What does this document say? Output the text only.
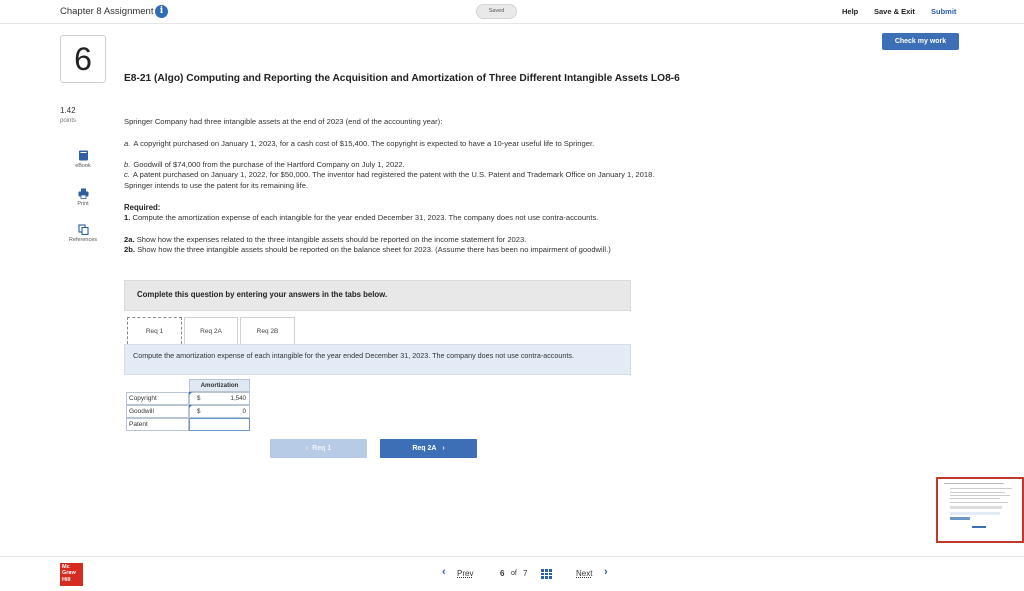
Chapter 8 Assignment i	Saved	Help Save & Exit Submit
Check my work
6
1.42
points
eBook
Print
References
E8-21 (Algo) Computing and Reporting the Acquisition and Amortization of Three Different Intangible Assets LO8-6
Springer Company had three intangible assets at the end of 2023 (end of the accounting year):
a. A copyright purchased on January 1, 2023, for a cash cost of $15,400. The copyright is expected to have a 10-year useful life to Springer.
b. Goodwill of $74,000 from the purchase of the Hartford Company on July 1, 2022.
c. A patent purchased on January 1, 2022, for $50,000. The inventor had registered the patent with the U.S. Patent and Trademark Office on January 1, 2018. Springer intends to use the patent for its remaining life.
Required:
1. Compute the amortization expense of each intangible for the year ended December 31, 2023. The company does not use contra-accounts.
2a. Show how the expenses related to the three intangible assets should be reported on the income statement for 2023.
2b. Show how the three intangible assets should be reported on the balance sheet for 2023. (Assume there has been no impairment of goodwill.)
Complete this question by entering your answers in the tabs below.
Req 1	Req 2A	Req 2B
Compute the amortization expense of each intangible for the year ended December 31, 2023. The company does not use contra-accounts.
Amortization
Copyright	$	1,540
Goodwill	$	0
Patent
‹ Req 1	Req 2A ›
Mc Graw Hill
‹ Prev	6 of 7	Next ›
